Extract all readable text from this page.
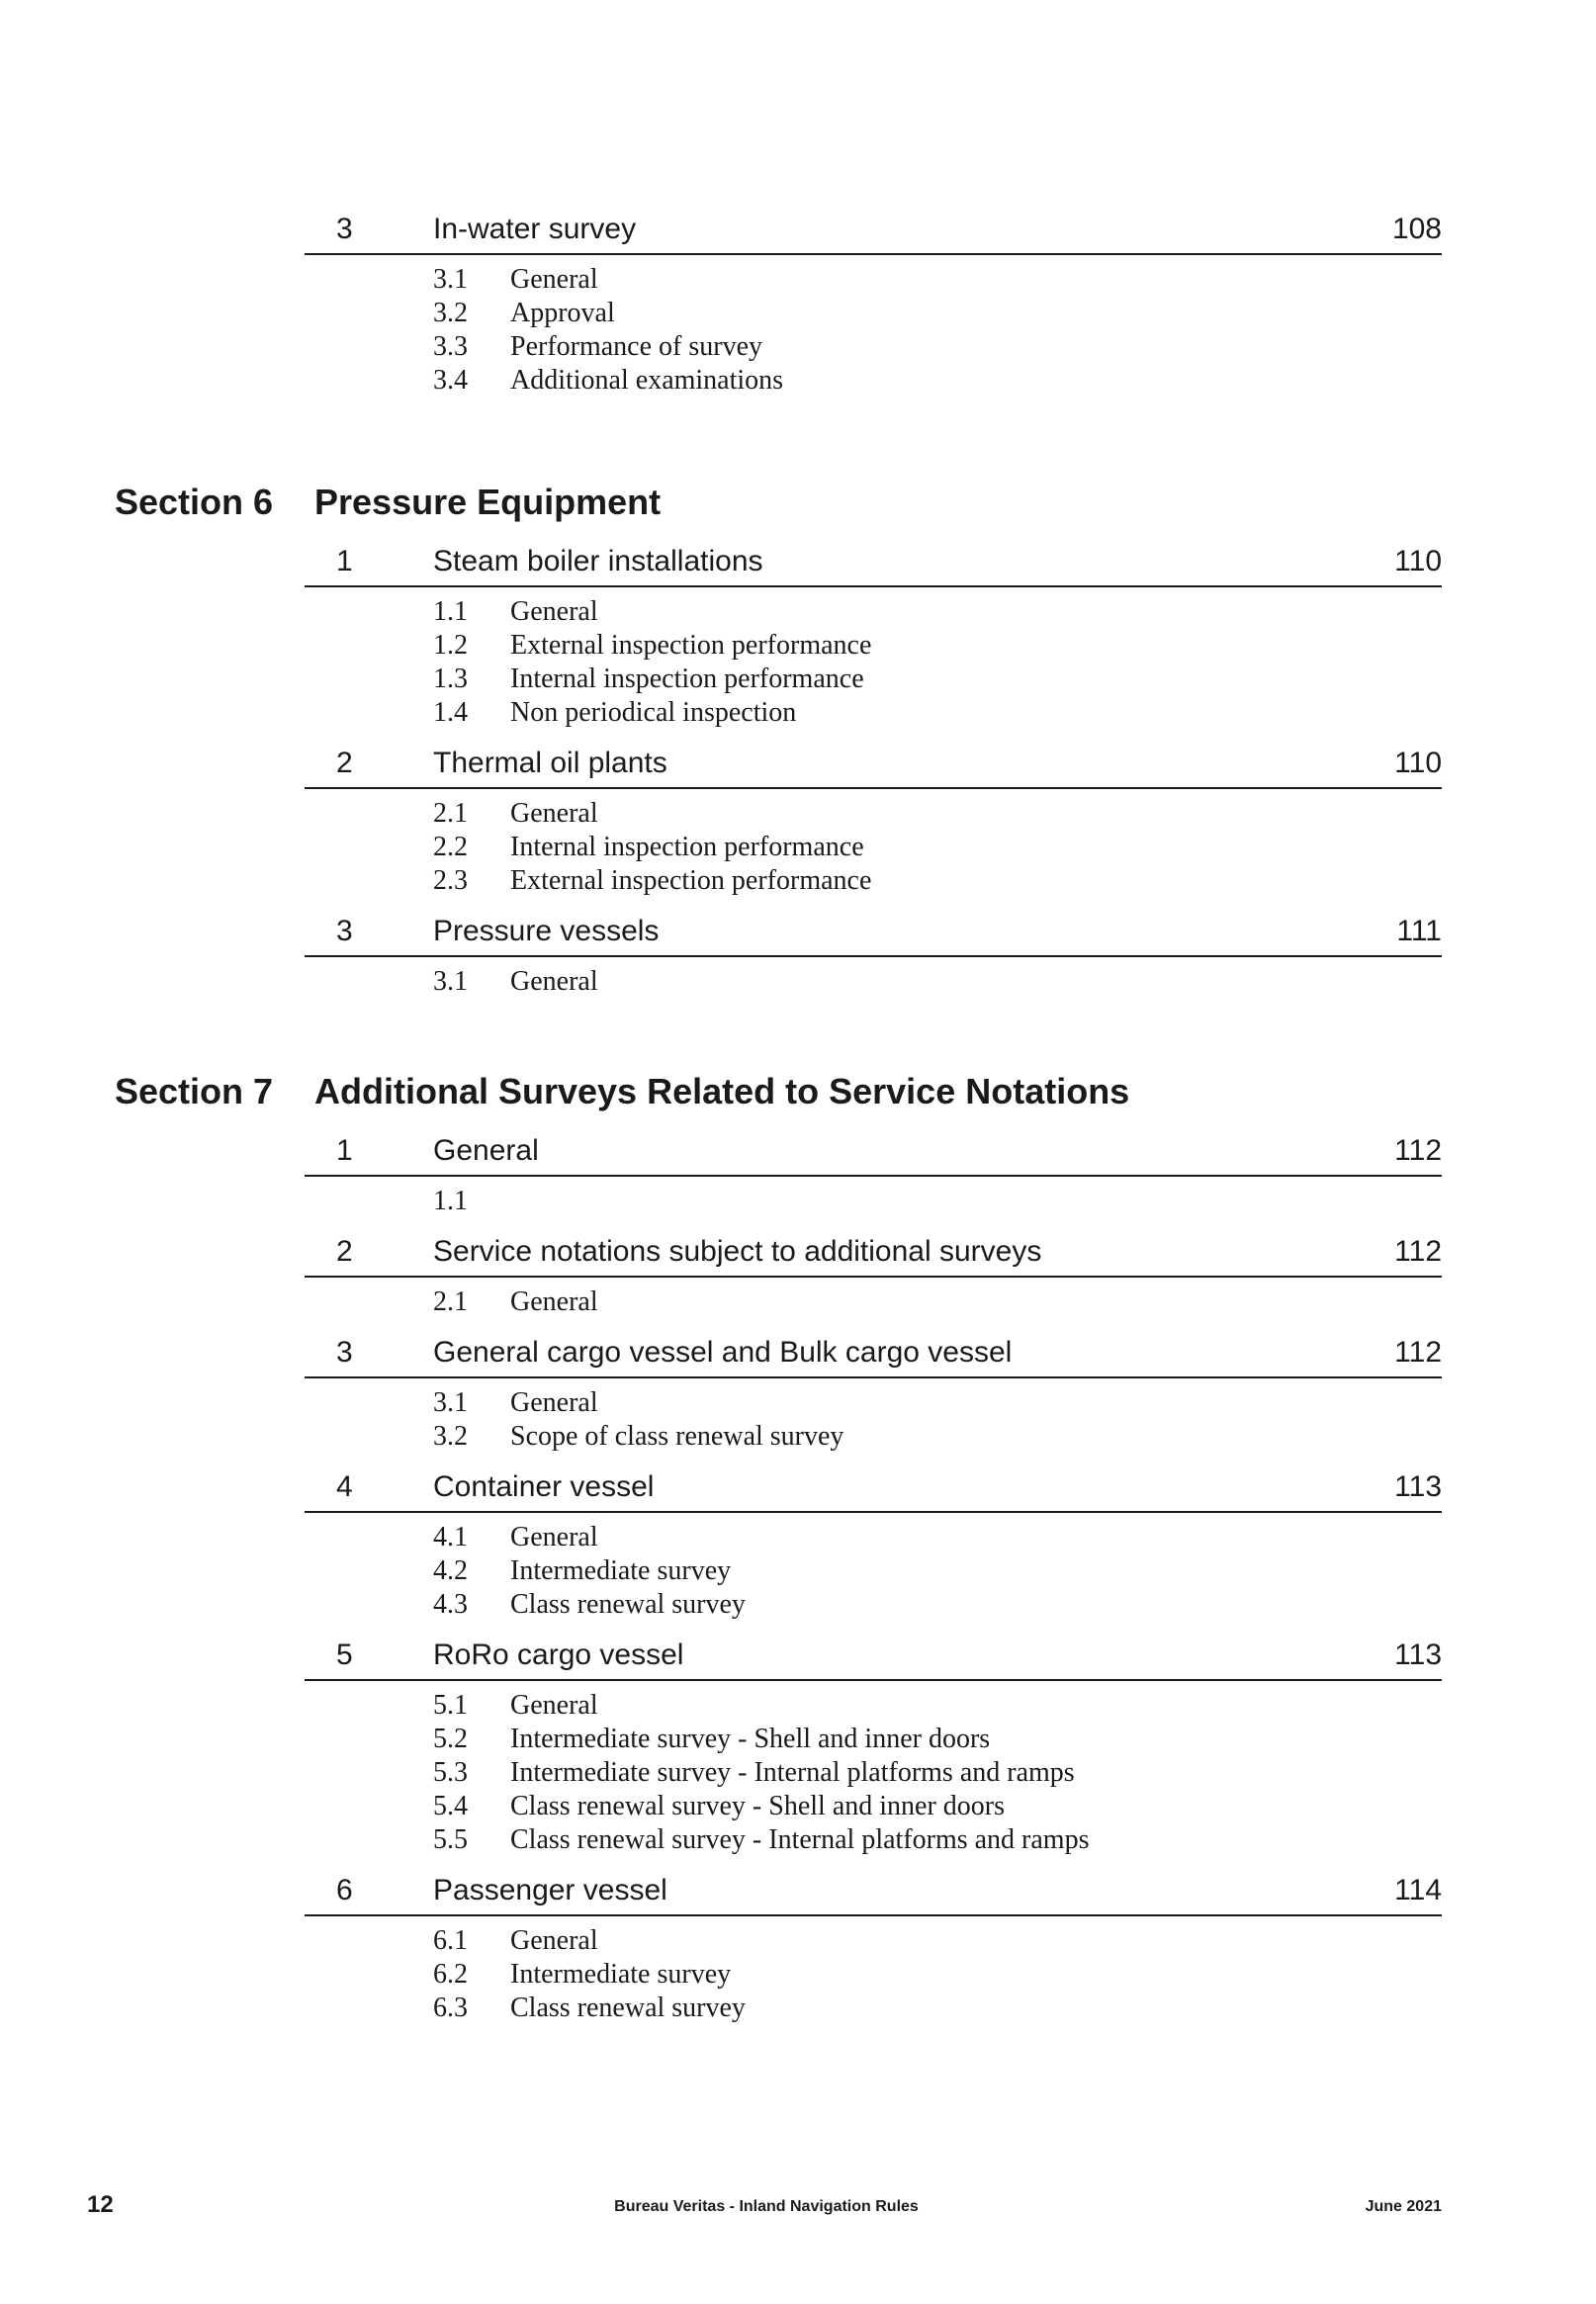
3	In-water survey	108
3.1 General
3.2 Approval
3.3 Performance of survey
3.4 Additional examinations
Section 6 Pressure Equipment
1	Steam boiler installations	110
1.1 General
1.2 External inspection performance
1.3 Internal inspection performance
1.4 Non periodical inspection
2	Thermal oil plants	110
2.1 General
2.2 Internal inspection performance
2.3 External inspection performance
3	Pressure vessels	111
3.1 General
Section 7 Additional Surveys Related to Service Notations
1	General	112
1.1
2	Service notations subject to additional surveys	112
2.1 General
3	General cargo vessel and Bulk cargo vessel	112
3.1 General
3.2 Scope of class renewal survey
4	Container vessel	113
4.1 General
4.2 Intermediate survey
4.3 Class renewal survey
5	RoRo cargo vessel	113
5.1 General
5.2 Intermediate survey - Shell and inner doors
5.3 Intermediate survey - Internal platforms and ramps
5.4 Class renewal survey - Shell and inner doors
5.5 Class renewal survey - Internal platforms and ramps
6	Passenger vessel	114
6.1 General
6.2 Intermediate survey
6.3 Class renewal survey
12	Bureau Veritas - Inland Navigation Rules	June 2021
